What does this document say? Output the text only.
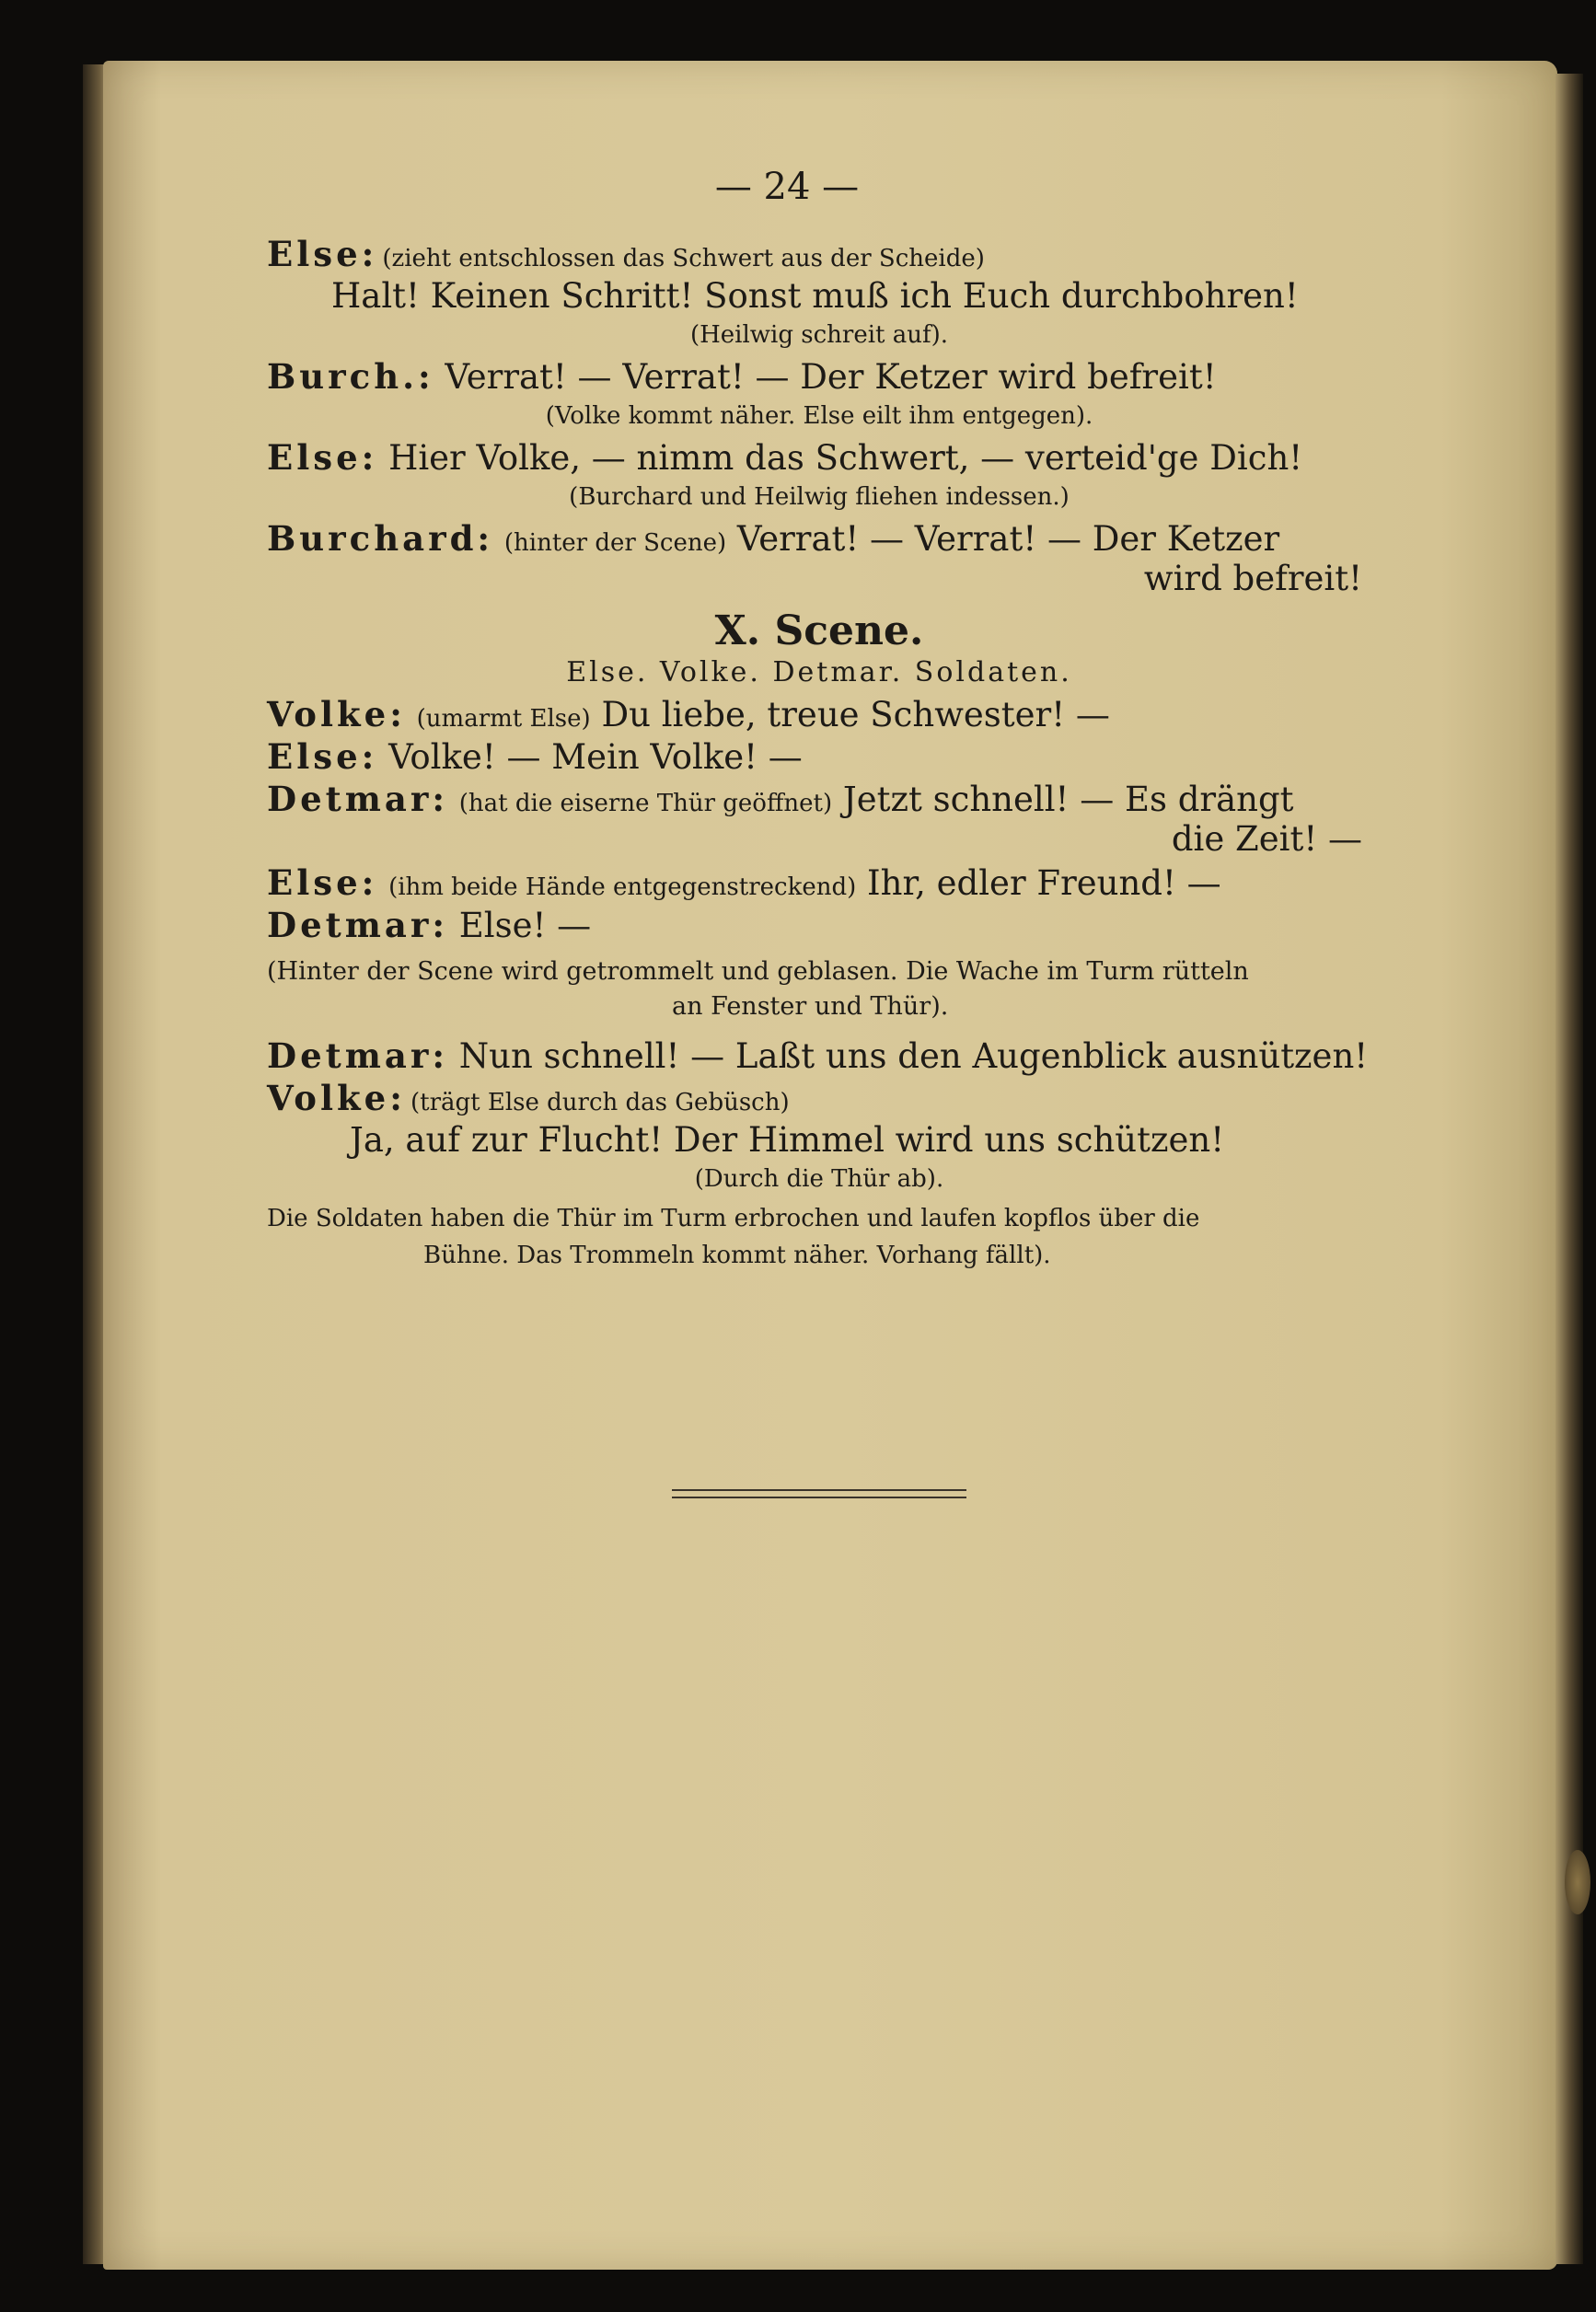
— 24 —

Else: (zieht entschlossen das Schwert aus der Scheide)

Halt! Keinen Schritt! Sonst muß ich Euch durchbohren!

(Heilwig schreit auf).

Burch.: Verrat! — Verrat! — Der Ketzer wird befreit!

(Volke kommt näher. Else eilt ihm entgegen).

Else: Hier Volke, — nimm das Schwert, — verteid'ge Dich!

(Burchard und Heilwig fliehen indessen.)

Burchard: (hinter der Scene) Verrat! — Verrat! — Der Ketzer

wird befreit!

X. Scene.
Else. Volke. Detmar. Soldaten.

Volke: (umarmt Else) Du liebe, treue Schwester! —

Else: Volke! — Mein Volke! —

Detmar: (hat die eiserne Thür geöffnet) Jetzt schnell! — Es drängt

die Zeit! —

Else: (ihm beide Hände entgegenstreckend) Ihr, edler Freund! —

Detmar: Else! —

(Hinter der Scene wird getrommelt und geblasen. Die Wache im Turm rütteln
an Fenster und Thür).

Detmar: Nun schnell! — Laßt uns den Augenblick ausnützen!

Volke: (trägt Else durch das Gebüsch)

Ja, auf zur Flucht! Der Himmel wird uns schützen!

(Durch die Thür ab).

Die Soldaten haben die Thür im Turm erbrochen und laufen kopflos über die
Bühne. Das Trommeln kommt näher. Vorhang fällt).
